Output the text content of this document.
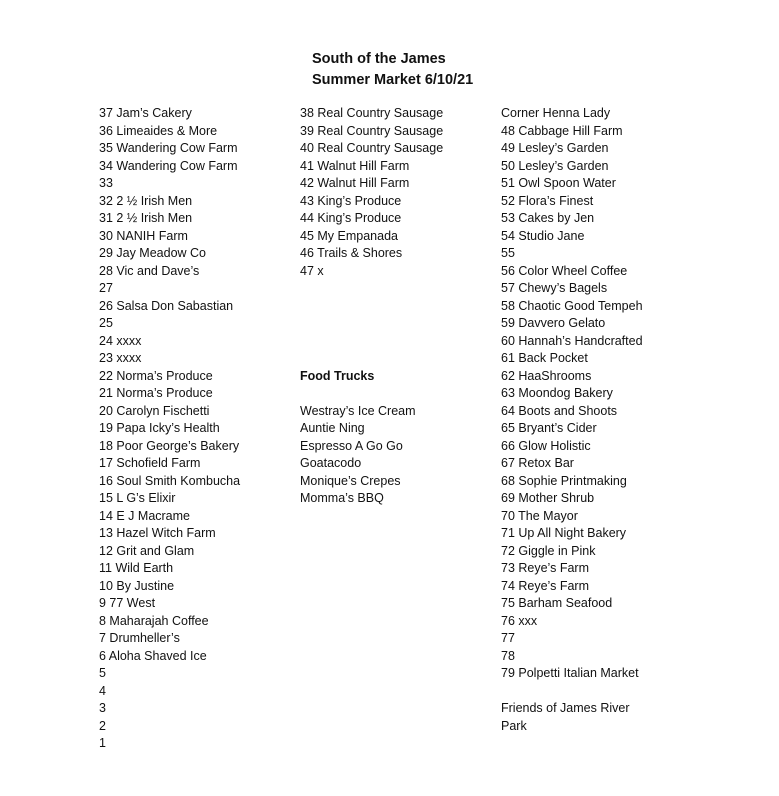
South of the James
Summer Market 6/10/21
37 Jam’s Cakery
36 Limeaides & More
35 Wandering Cow Farm
34 Wandering Cow Farm
33
32 2 ½ Irish Men
31 2 ½ Irish Men
30 NANIH Farm
29 Jay Meadow Co
28 Vic and Dave’s
27
26 Salsa Don Sabastian
25
24 xxxx
23 xxxx
22 Norma’s Produce
21 Norma’s Produce
20 Carolyn Fischetti
19 Papa Icky’s Health
18 Poor George’s Bakery
17 Schofield Farm
16 Soul Smith Kombucha
15 L G’s Elixir
14 E J Macrame
13 Hazel Witch Farm
12 Grit and Glam
11 Wild Earth
10 By Justine
9 77 West
8 Maharajah Coffee
7 Drumheller’s
6 Aloha Shaved Ice
5
4
3
2
1
38 Real Country Sausage
39 Real Country Sausage
40 Real Country Sausage
41 Walnut Hill Farm
42 Walnut Hill Farm
43 King’s Produce
44 King’s Produce
45 My Empanada
46 Trails & Shores
47 x
Food Trucks
Westray’s Ice Cream
Auntie Ning
Espresso A Go Go
Goatacodo
Monique’s Crepes
Momma’s BBQ
Corner Henna Lady
48 Cabbage Hill Farm
49 Lesley’s Garden
50 Lesley’s Garden
51 Owl Spoon Water
52 Flora’s Finest
53 Cakes by Jen
54 Studio Jane
55
56 Color Wheel Coffee
57 Chewy’s Bagels
58 Chaotic Good Tempeh
59 Davvero Gelato
60 Hannah’s Handcrafted
61 Back Pocket
62 HaaShrooms
63 Moondog Bakery
64 Boots and Shoots
65 Bryant’s Cider
66 Glow Holistic
67 Retox Bar
68 Sophie Printmaking
69 Mother Shrub
70 The Mayor
71 Up All Night Bakery
72 Giggle in Pink
73 Reye’s Farm
74 Reye’s Farm
75 Barham Seafood
76 xxx
77
78
79 Polpetti Italian Market
Friends of James River
Park
